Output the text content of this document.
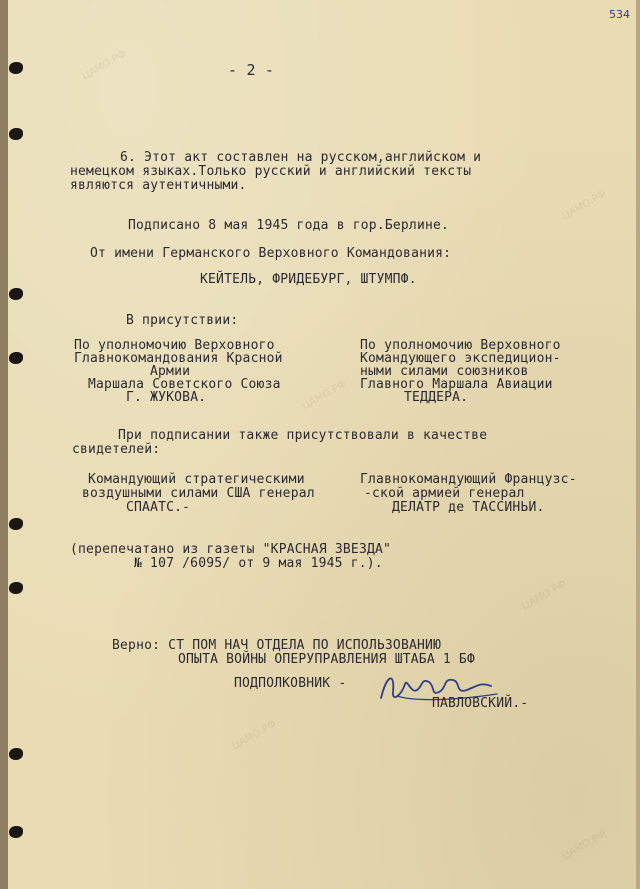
ЦАМО.РФ
ЦАМО.РФ
ЦАМО.РФ
ЦАМО.РФ
ЦАМО.РФ
ЦАМО.РФ
534
- 2 -
6. Этот акт составлен на русском,английском и
немецком языках.Только русский и английский тексты
являются аутентичными.
Подписано 8 мая 1945 года в гор.Берлине.
От имени Германского Верховного Командования:
КЕЙТЕЛЬ, ФРИДЕБУРГ, ШТУМПФ.
В присутствии:
По уполномочию Верховного
Главнокомандования Красной
Армии
Маршала Советского Союза
Г. ЖУКОВА.
По уполномочию Верховного
Командующего экспедицион-
ными силами союзников
Главного Маршала Авиации
ТЕДДЕРА.
При подписании также присутствовали в качестве
свидетелей:
Командующий стратегическими
воздушными силами США генерал
СПААТС.-
Главнокомандующий Французс-
-ской армией генерал
ДЕЛАТР де ТАССИНЬИ.
(перепечатано из газеты "КРАСНАЯ ЗВЕЗДА"
№ 107 /6095/ от 9 мая 1945 г.).
Верно: СТ ПОМ НАЧ ОТДЕЛА ПО ИСПОЛЬЗОВАНИЮ
ОПЫТА ВОЙНЫ ОПЕРУПРАВЛЕНИЯ ШТАБА 1 БФ
ПОДПОЛКОВНИК -
ПАВЛОВСКИЙ.-
